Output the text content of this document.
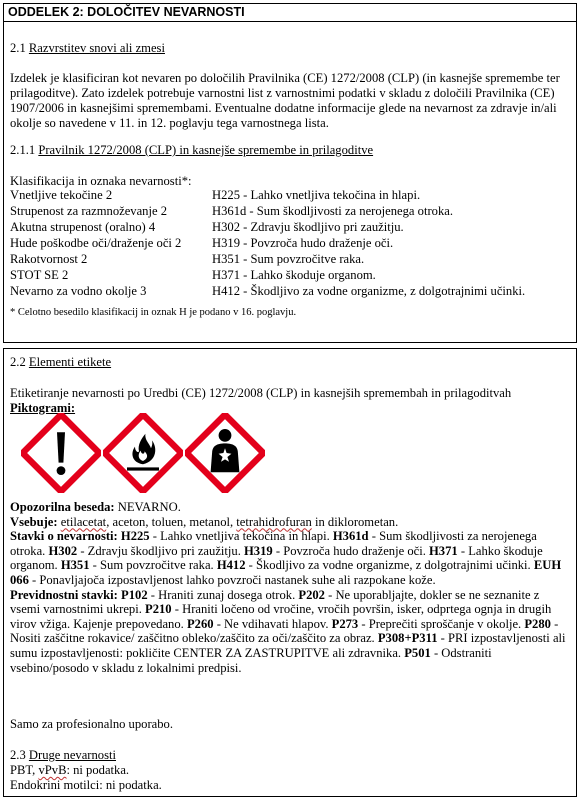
ODDELEK 2: DOLOČITEV NEVARNOSTI
2.1 Razvrstitev snovi ali zmesi
Izdelek je klasificiran kot nevaren po določilih Pravilnika (CE) 1272/2008 (CLP) (in kasnejše spremembe ter prilagoditve). Zato izdelek potrebuje varnostni list z varnostnimi podatki v skladu z določili Pravilnika (CE) 1907/2006 in kasnejšimi spremembami. Eventualne dodatne informacije glede na nevarnost za zdravje in/ali okolje so navedene v 11. in 12. poglavju tega varnostnega lista.
2.1.1 Pravilnik 1272/2008 (CLP) in kasnejše spremembe in prilagoditve
Klasifikacija in oznaka nevarnosti*:
Vnetljive tekočine 2	H225 - Lahko vnetljiva tekočina in hlapi.
Strupenost za razmnoževanje 2	H361d - Sum škodljivosti za nerojenega otroka.
Akutna strupenost (oralno) 4	H302 - Zdravju škodljivo pri zaužitju.
Hude poškodbe oči/draženje oči 2 H319 - Povzroča hudo draženje oči.
Rakotvornost 2	H351 - Sum povzročitve raka.
STOT SE 2	H371 - Lahko škoduje organom.
Nevarno za vodno okolje 3	H412 - Škodljivo za vodne organizme, z dolgotrajnimi učinki.
* Celotno besedilo klasifikacij in oznak H je podano v 16. poglavju.
2.2 Elementi etikete
Etiketiranje nevarnosti po Uredbi (CE) 1272/2008 (CLP) in kasnejših spremembah in prilagoditvah
Piktogrami:
Opozorilna beseda: NEVARNO.
Vsebuje: etilacetat, aceton, toluen, metanol, tetrahidrofuran in diklorometan.
Stavki o nevarnosti: H225 - Lahko vnetljiva tekočina in hlapi. H361d - Sum škodljivosti za nerojenega otroka. H302 - Zdravju škodljivo pri zaužitju. H319 - Povzroča hudo draženje oči. H371 - Lahko škoduje organom. H351 - Sum povzročitve raka. H412 - Škodljivo za vodne organizme, z dolgotrajnimi učinki. EUH 066 - Ponavljajoča izpostavljenost lahko povzroči nastanek suhe ali razpokane kože.
Previdnostni stavki: P102 - Hraniti zunaj dosega otrok. P202 - Ne uporabljajte, dokler se ne seznanite z vsemi varnostnimi ukrepi. P210 - Hraniti ločeno od vročine, vročih površin, isker, odprtega ognja in drugih virov vžiga. Kajenje prepovedano. P260 - Ne vdihavati hlapov. P273 - Preprečiti sproščanje v okolje. P280 - Nositi zaščitne rokavice/ zaščitno obleko/zaščito za oči/zaščito za obraz. P308+P311 - PRI izpostavljenosti ali sumu izpostavljenosti: pokličite CENTER ZA ZASTRUPITVE ali zdravnika. P501 - Odstraniti vsebino/posodo v skladu z lokalnimi predpisi.
Samo za profesionalno uporabo.
2.3 Druge nevarnosti
PBT, vPvB: ni podatka.
Endokrini motilci: ni podatka.
